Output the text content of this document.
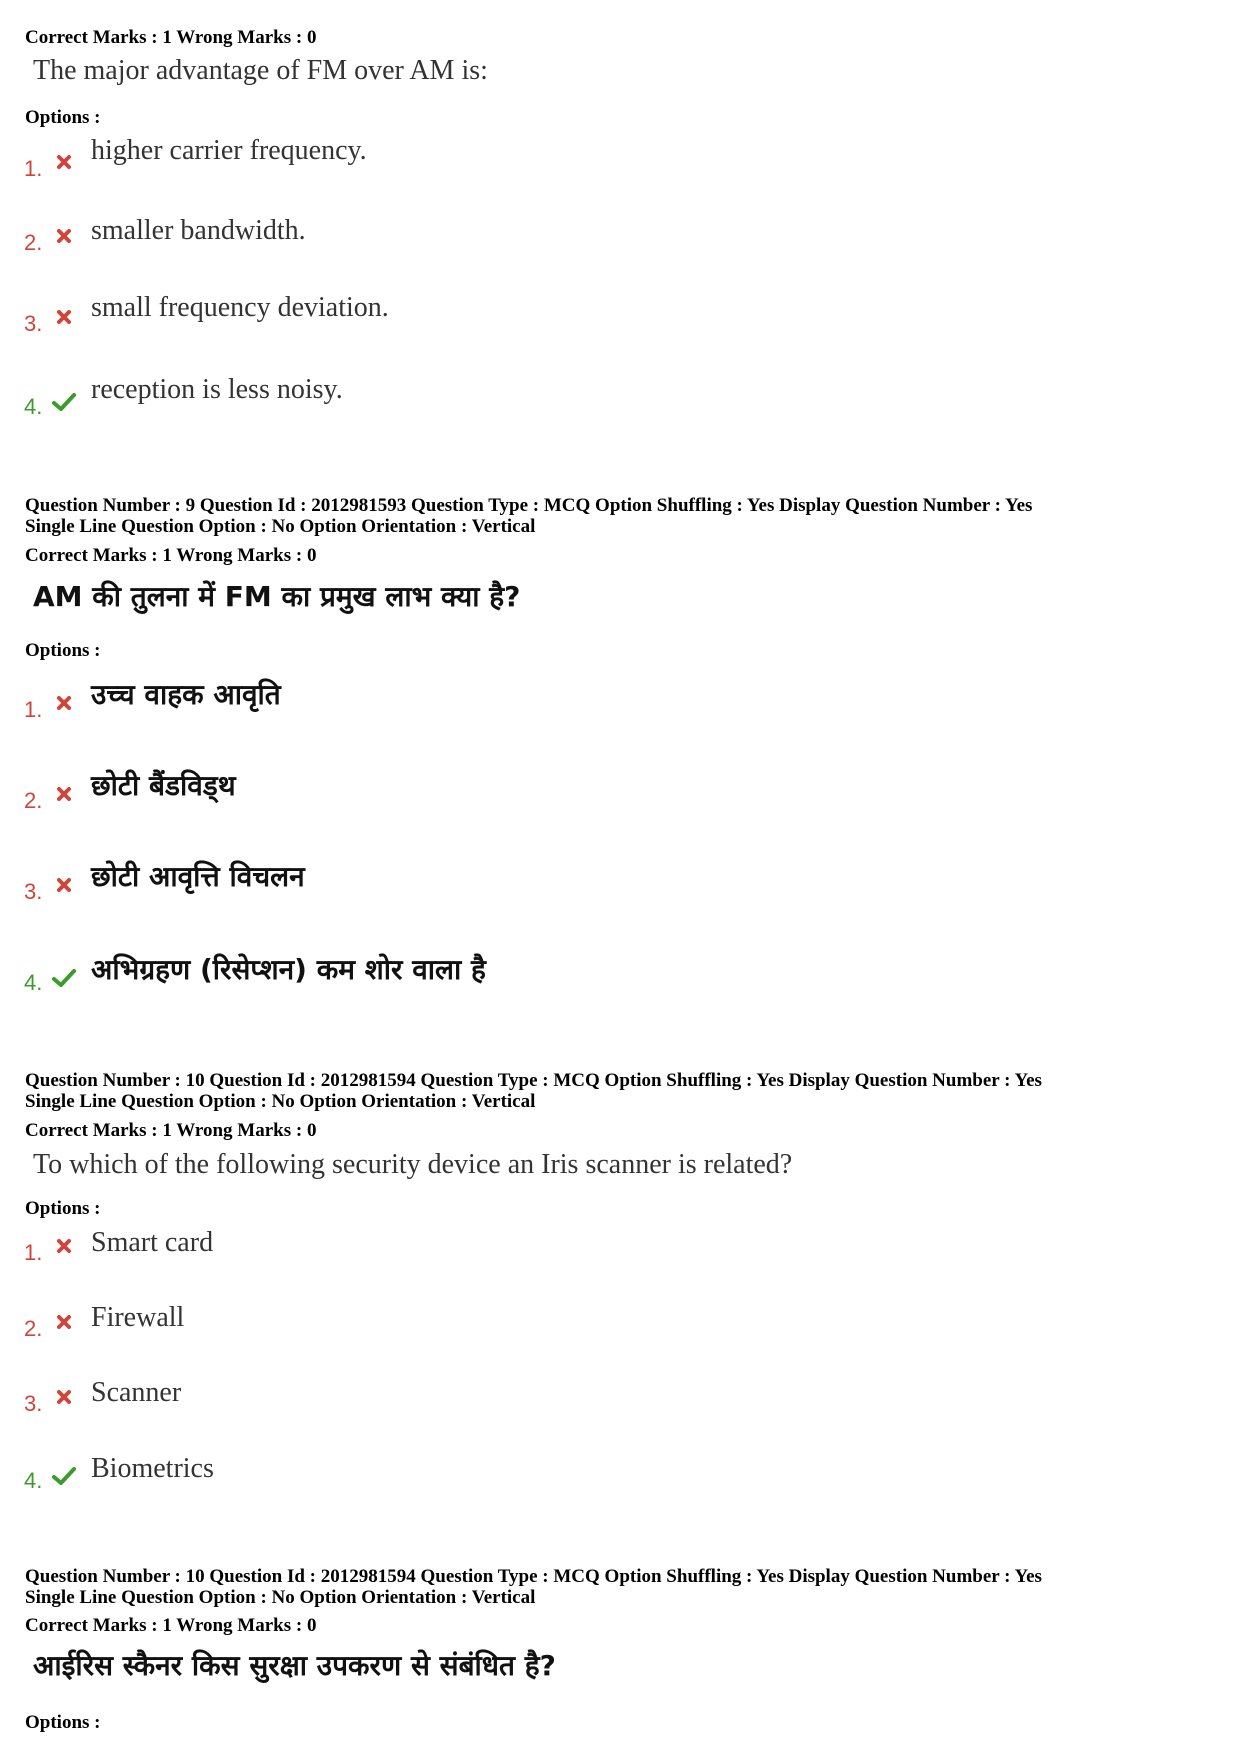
Correct Marks : 1 Wrong Marks : 0
The major advantage of FM over AM is:
Options :
1.
higher carrier frequency.
2. smaller bandwidth.
3.
small frequency deviation.
4.
reception is less noisy.
Question Number : 9 Question Id : 2012981593 Question Type : MCQ Option Shuffling : Yes Display Question Number : Yes
Single Line Question Option : No Option Orientation : Vertical
Correct Marks : 1 Wrong Marks : 0
AM की तुलना में FM का प्रमुख लाभ क्या है?
Options :
1. उच्च वाहक आवृति
2. छोटी बैंडविड्थ
3. छोटी आवृत्ति विचलन
4. अभिग्रहण (रिसेप्शन) कम शोर वाला है
Question Number : 10 Question Id : 2012981594 Question Type : MCQ Option Shuffling : Yes Display Question Number : Yes
Single Line Question Option : No Option Orientation : Vertical
Correct Marks : 1 Wrong Marks : 0
To which of the following security device an Iris scanner is related?
Options :
1. Smart card
2. Firewall
3. Scanner
4. Biometrics
Question Number : 10 Question Id : 2012981594 Question Type : MCQ Option Shuffling : Yes Display Question Number : Yes
Single Line Question Option : No Option Orientation : Vertical
Correct Marks : 1 Wrong Marks : 0
आईरिस स्कैनर किस सुरक्षा उपकरण से संबंधित है?
Options :
